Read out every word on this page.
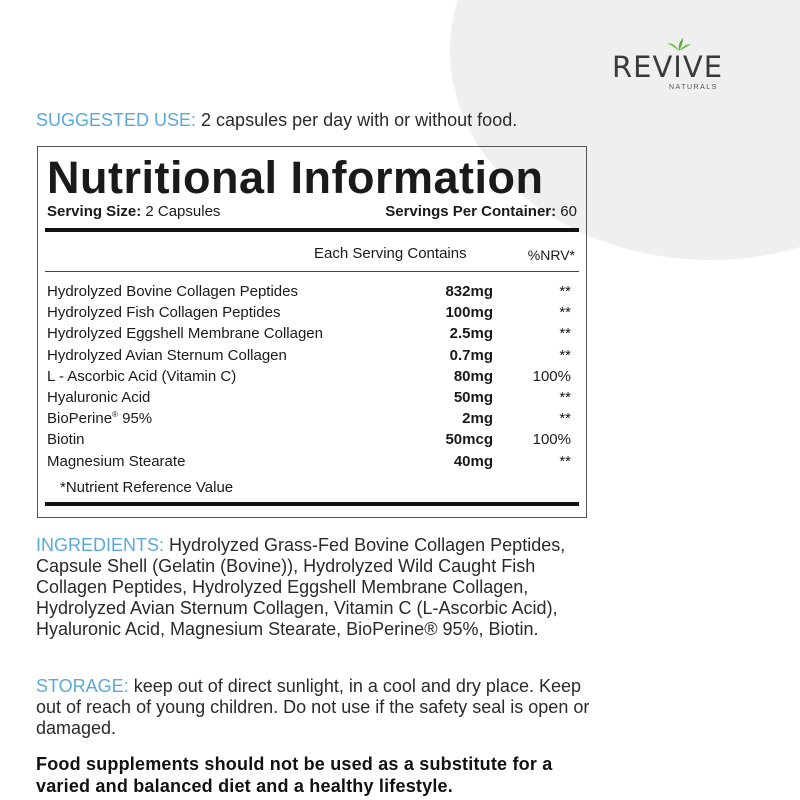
REVIVE
NATURALS
SUGGESTED USE: 2 capsules per day with or without food.
Nutritional Information
Serving Size: 2 Capsules	Servings Per Container: 60
Each Serving Contains	%NRV*
Hydrolyzed Bovine Collagen Peptides	832mg	**
Hydrolyzed Fish Collagen Peptides	100mg	**
Hydrolyzed Eggshell Membrane Collagen	2.5mg	**
Hydrolyzed Avian Sternum Collagen	0.7mg	**
L - Ascorbic Acid (Vitamin C)	80mg	100%
Hyaluronic Acid	50mg	**
BioPerine® 95%	2mg	**
Biotin	50mcg	100%
Magnesium Stearate	40mg	**
*Nutrient Reference Value
INGREDIENTS: Hydrolyzed Grass-Fed Bovine Collagen Peptides, Capsule Shell (Gelatin (Bovine)), Hydrolyzed Wild Caught Fish Collagen Peptides, Hydrolyzed Eggshell Membrane Collagen, Hydrolyzed Avian Sternum Collagen, Vitamin C (L-Ascorbic Acid), Hyaluronic Acid, Magnesium Stearate, BioPerine® 95%, Biotin.
STORAGE: keep out of direct sunlight, in a cool and dry place. Keep out of reach of young children. Do not use if the safety seal is open or damaged.
Food supplements should not be used as a substitute for a varied and balanced diet and a healthy lifestyle.
